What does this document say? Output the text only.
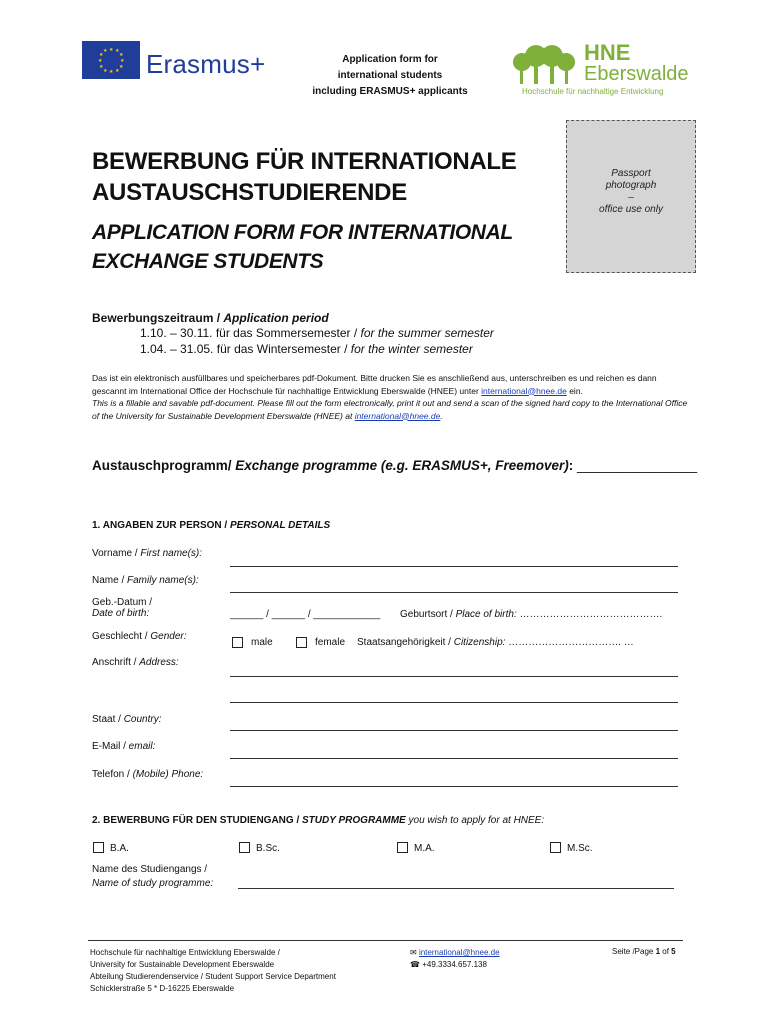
★ ★
★
★
★
★
★
★
★
★
★
★ Erasmus+	Application form for
international students
including ERASMUS+ applicants
HNE
Eberswalde
Hochschule für nachhaltige Entwicklung
Passport
photograph
–
office use only
BEWERBUNG FÜR INTERNATIONALE
AUSTAUSCHSTUDIERENDE
APPLICATION FORM FOR INTERNATIONAL
EXCHANGE STUDENTS
Bewerbungszeitraum / Application period
1.10. – 30.11. für das Sommersemester / for the summer semester
1.04. – 31.05. für das Wintersemester / for the winter semester
Das ist ein elektronisch ausfüllbares und speicherbares pdf-Dokument. Bitte drucken Sie es anschließend aus, unterschreiben es und reichen es dann gescannt im International Office der Hochschule für nachhaltige Entwicklung Eberswalde (HNEE) unter international@hnee.de ein.
This is a fillable and savable pdf-document. Please fill out the form electronically, print it out and send a scan of the signed hard copy to the International Office of the University for Sustainable Development Eberswalde (HNEE) at international@hnee.de.
Austauschprogramm/ Exchange programme (e.g. ERASMUS+, Freemover): ________________
1. ANGABEN ZUR PERSON / PERSONAL DETAILS
Vorname / First name(s):
Name / Family name(s):
Geb.-Datum /
Date of birth:	______ / ______ / ____________ Geburtsort / Place of birth: …………………………………….
Geschlecht / Gender:
male	female Staatsangehörigkeit / Citizenship: ……………………………. …
Anschrift / Address:
Staat / Country:
E-Mail / email:
Telefon / (Mobile) Phone:
2. BEWERBUNG FÜR DEN STUDIENGANG / STUDY PROGRAMME you wish to apply for at HNEE:
B.A.	B.Sc.	M.A.	M.Sc.
Name des Studiengangs /
Name of study programme:
Hochschule für nachhaltige Entwicklung Eberswalde /
University for Sustainable Development Eberswalde
Abteilung Studierendenservice / Student Support Service Department
Schicklerstraße 5 * D-16225 Eberswalde
✉ international@hnee.de
☎ +49.3334.657.138
Seite /Page 1 of 5
